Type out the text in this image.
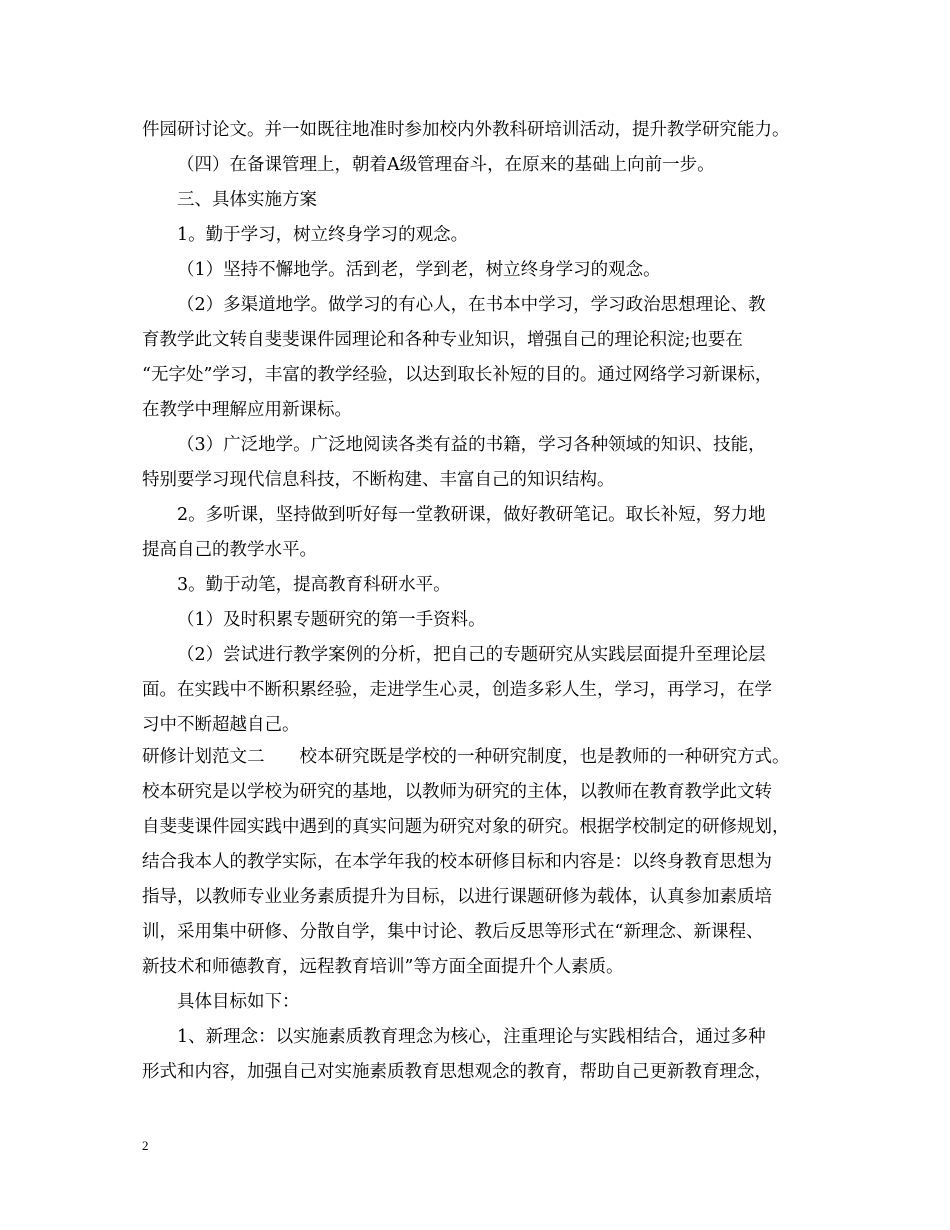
件园研讨论文。并一如既往地准时参加校内外教科研培训活动，提升教学研究能力。
（四）在备课管理上，朝着A级管理奋斗，在原来的基础上向前一步。
三、具体实施方案
1。勤于学习，树立终身学习的观念。
（1）坚持不懈地学。活到老，学到老，树立终身学习的观念。
（2）多渠道地学。做学习的有心人，在书本中学习，学习政治思想理论、教
育教学此文转自斐斐课件园理论和各种专业知识，增强自己的理论积淀;也要在
“无字处”学习，丰富的教学经验，以达到取长补短的目的。通过网络学习新课标，
在教学中理解应用新课标。
（3）广泛地学。广泛地阅读各类有益的书籍，学习各种领域的知识、技能，
特别要学习现代信息科技，不断构建、丰富自己的知识结构。
2。多听课，坚持做到听好每一堂教研课，做好教研笔记。取长补短，努力地
提高自己的教学水平。
3。勤于动笔，提高教育科研水平。
（1）及时积累专题研究的第一手资料。
（2）尝试进行教学案例的分析，把自己的专题研究从实践层面提升至理论层
面。在实践中不断积累经验，走进学生心灵，创造多彩人生，学习，再学习，在学
习中不断超越自己。
研修计划范文二　　校本研究既是学校的一种研究制度，也是教师的一种研究方式。
校本研究是以学校为研究的基地，以教师为研究的主体，以教师在教育教学此文转
自斐斐课件园实践中遇到的真实问题为研究对象的研究。根据学校制定的研修规划，
结合我本人的教学实际，在本学年我的校本研修目标和内容是：以终身教育思想为
指导，以教师专业业务素质提升为目标，以进行课题研修为载体，认真参加素质培
训，采用集中研修、分散自学，集中讨论、教后反思等形式在“新理念、新课程、
新技术和师德教育，远程教育培训”等方面全面提升个人素质。
具体目标如下：
1、新理念：以实施素质教育理念为核心，注重理论与实践相结合，通过多种
形式和内容，加强自己对实施素质教育思想观念的教育，帮助自己更新教育理念，
2
